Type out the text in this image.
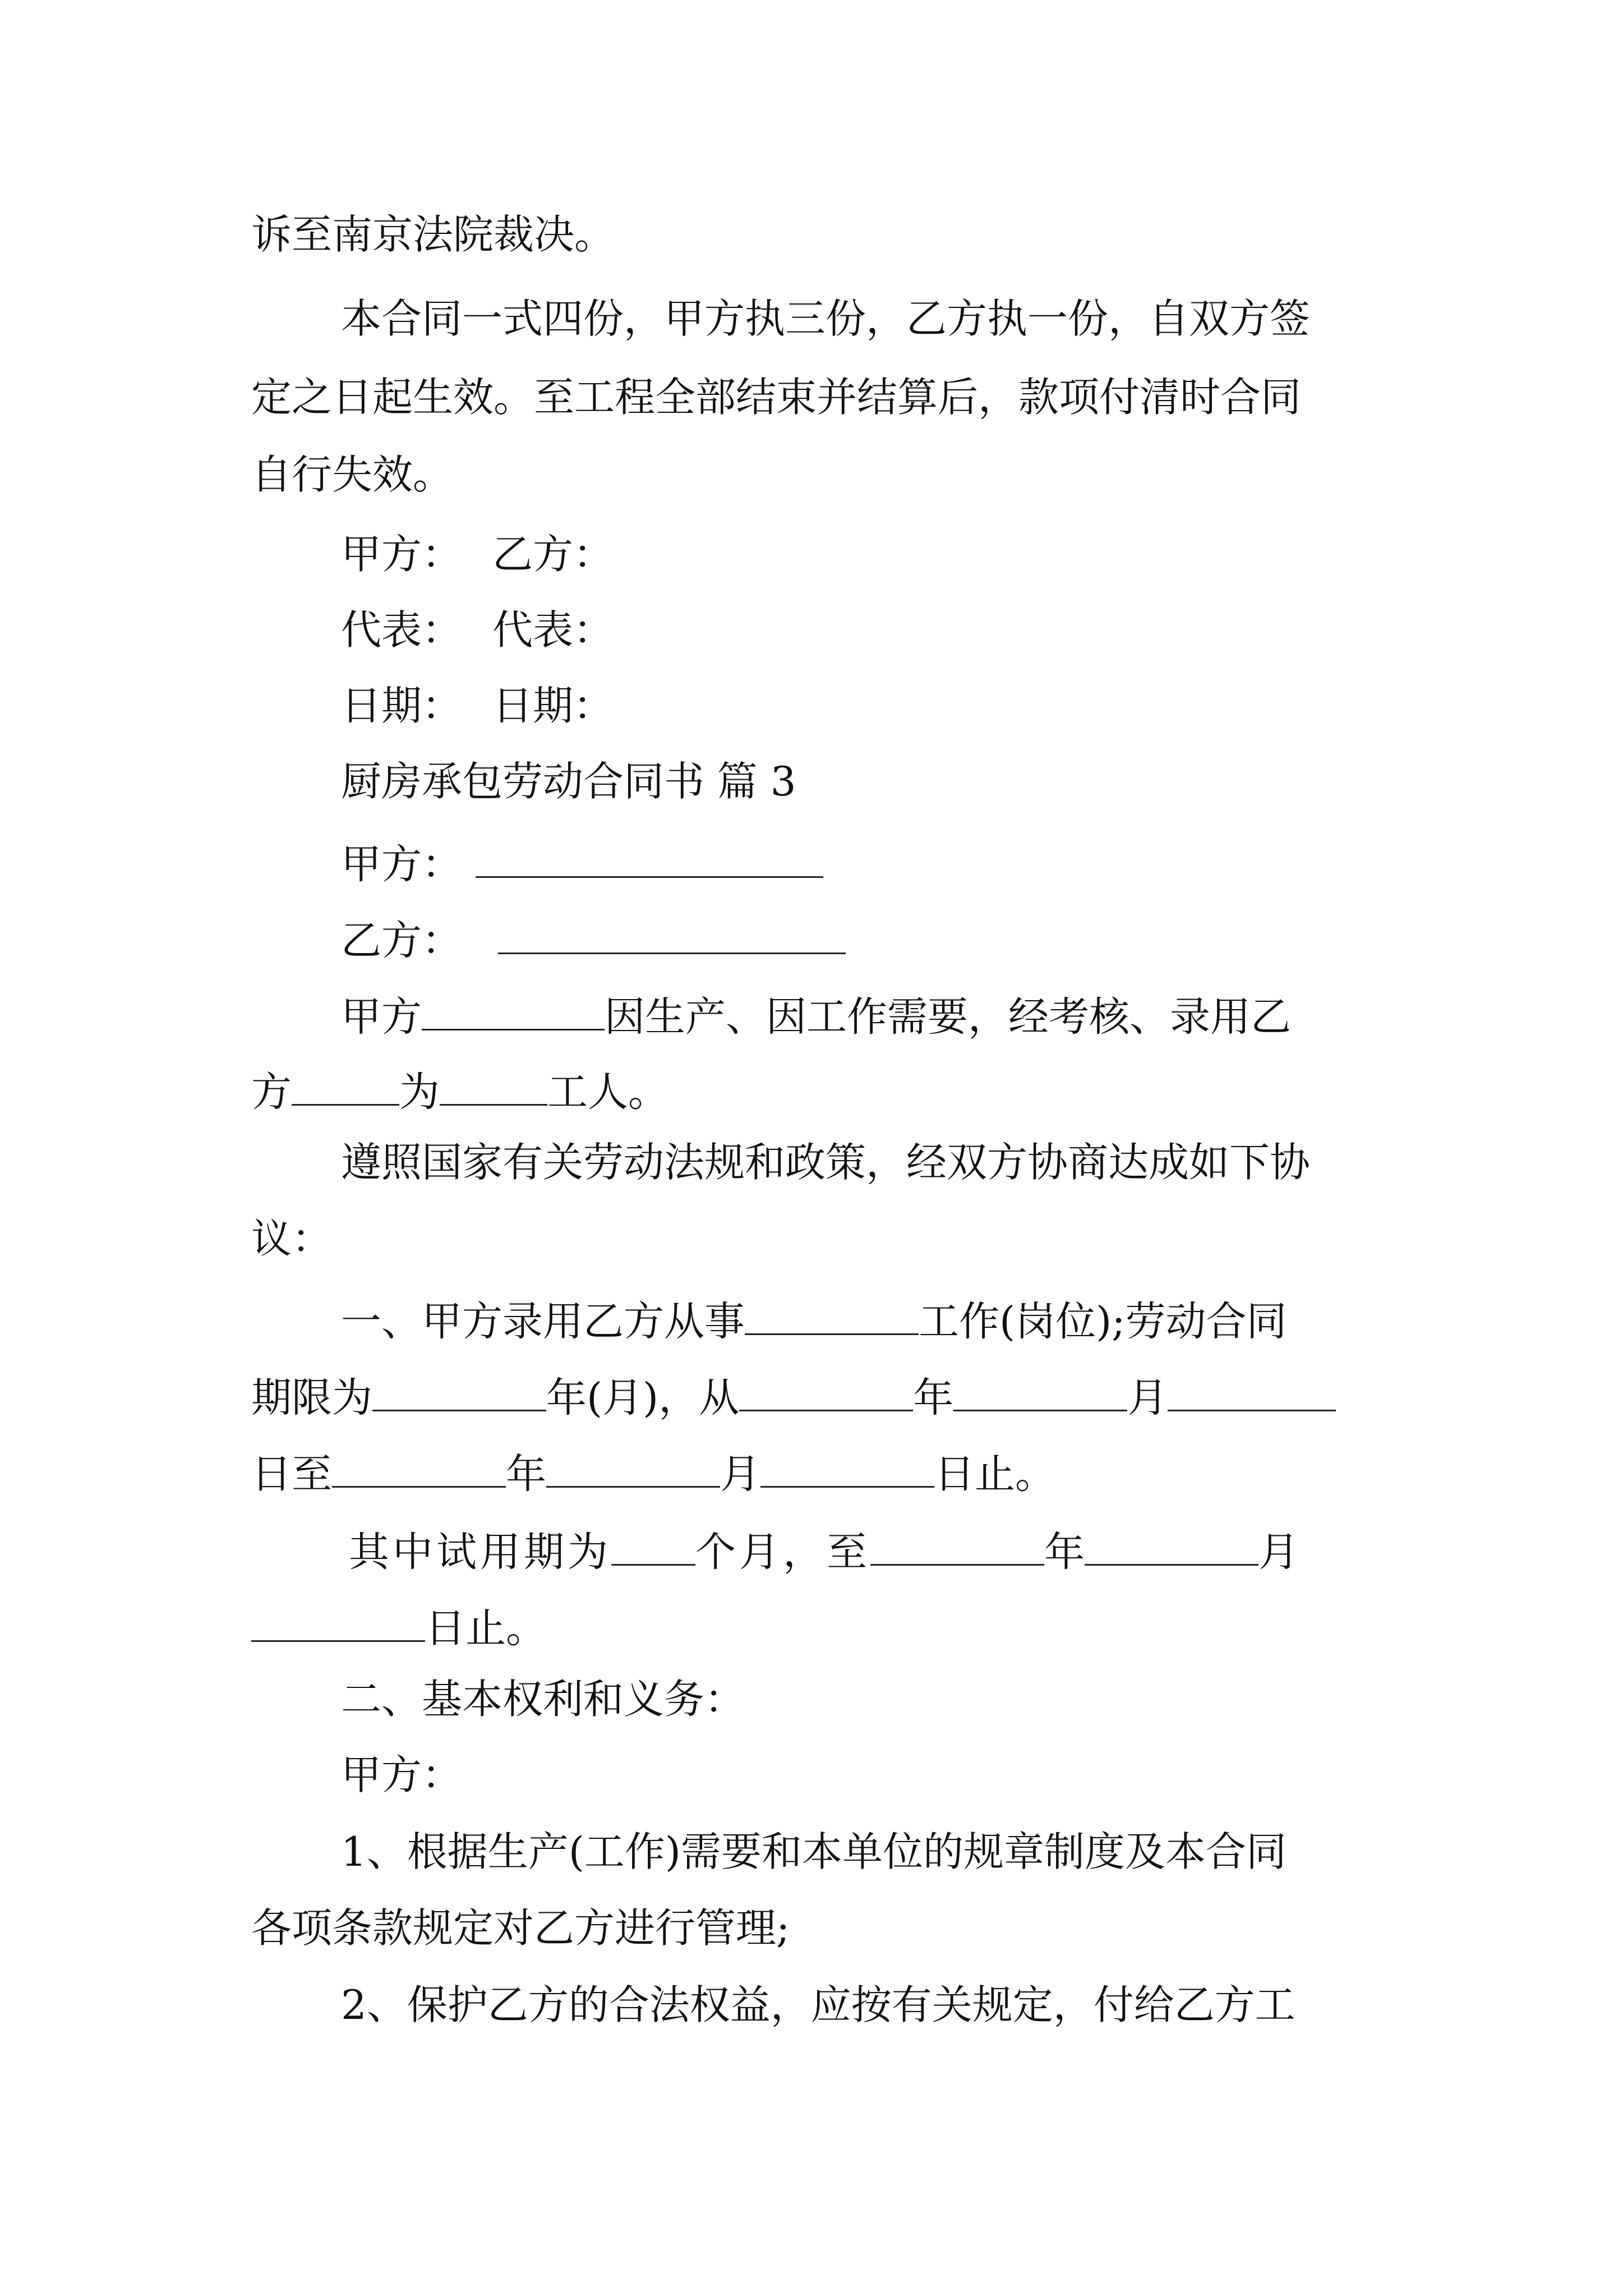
诉至南京法院裁决。
本合同一式四份，甲方执三份，乙方执一份，自双方签
定之日起生效。至工程全部结束并结算后，款项付清时合同
自行失效。
甲方： 乙方：
代表： 代表：
日期： 日期：
厨房承包劳动合同书 篇 3
甲方：
乙方：
甲方	因生产、因工作需要，经考核、录用乙
方	为	工人。
遵照国家有关劳动法规和政策，经双方协商达成如下协
议：
一、甲方录用乙方从事	工作(岗位);劳动合同
期限为	年(月)，从	年	月
日至	年	月	日止。
其中试用期为 个月，至	年	月
日止。
二、基本权利和义务：
甲方：
1、根据生产(工作)需要和本单位的规章制度及本合同
各项条款规定对乙方进行管理;
2、保护乙方的合法权益，应按有关规定，付给乙方工
